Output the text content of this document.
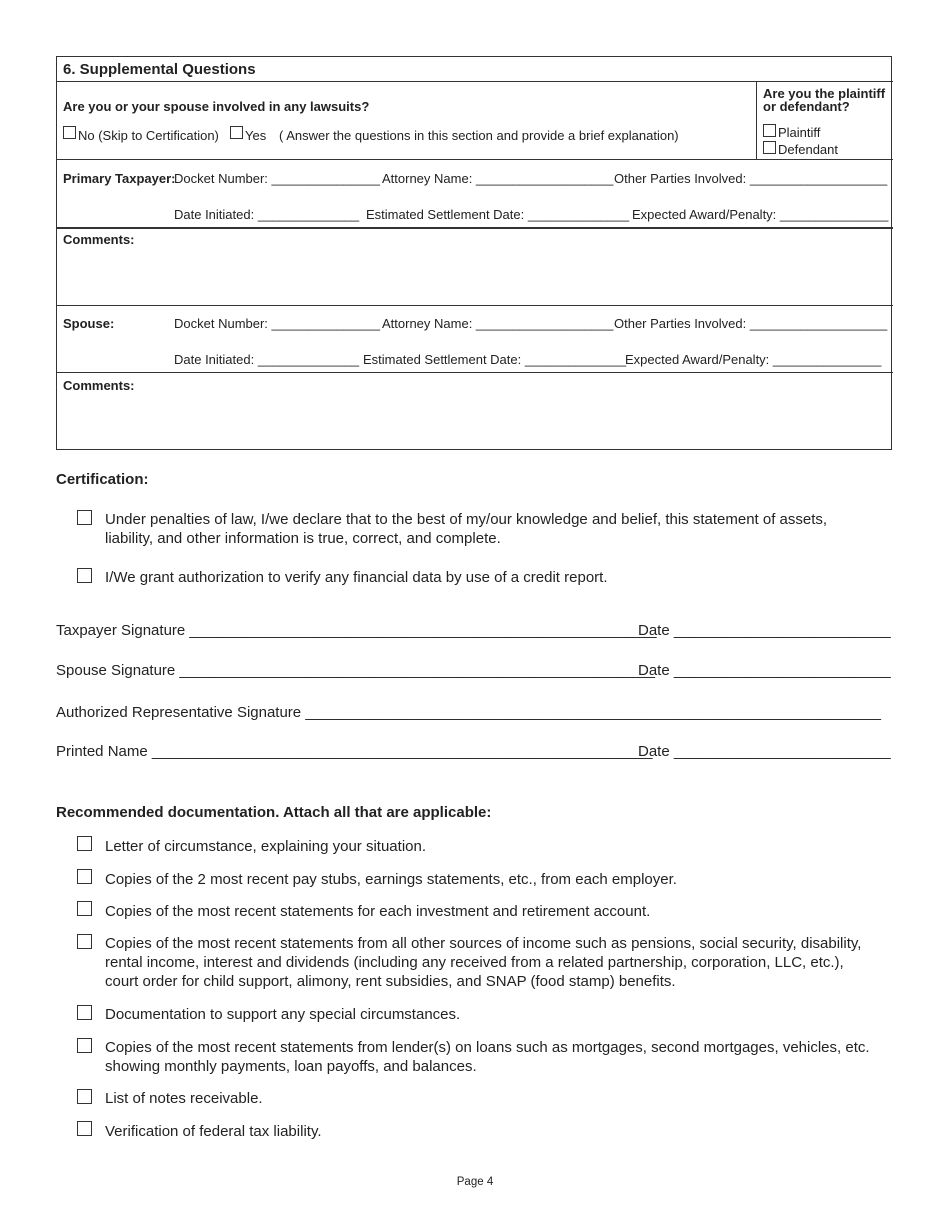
6. Supplemental Questions
Are you or your spouse involved in any lawsuits?
No (Skip to Certification) Yes ( Answer the questions in this section and provide a brief explanation)
Are you the plaintiff
or defendant?
Plaintiff
Defendant
Primary Taxpayer:
Docket Number: _______________ Attorney Name: ___________________ Other Parties Involved: ___________________
Date Initiated: ______________ Estimated Settlement Date: ______________ Expected Award/Penalty: _______________
Comments:
Spouse:	Docket Number: _______________ Attorney Name: ___________________ Other Parties Involved: ___________________
Date Initiated: ______________ Estimated Settlement Date: ______________
Expected Award/Penalty: _______________
Comments:
Certification:
Under penalties of law, I/we declare that to the best of my/our knowledge and belief, this statement of assets,
liability, and other information is true, correct, and complete.
I/We grant authorization to verify any financial data by use of a credit report.
Taxpayer Signature ________________________________________________________
Date __________________________
Spouse Signature _________________________________________________________
Date __________________________
Authorized Representative Signature _____________________________________________________________________
Printed Name ____________________________________________________________
Date __________________________
Recommended documentation. Attach all that are applicable:
Letter of circumstance, explaining your situation.
Copies of the 2 most recent pay stubs, earnings statements, etc., from each employer.
Copies of the most recent statements for each investment and retirement account.
Copies of the most recent statements from all other sources of income such as pensions, social security, disability,
rental income, interest and dividends (including any received from a related partnership, corporation, LLC, etc.),
court order for child support, alimony, rent subsidies, and SNAP (food stamp) benefits.
Documentation to support any special circumstances.
Copies of the most recent statements from lender(s) on loans such as mortgages, second mortgages, vehicles, etc.
showing monthly payments, loan payoffs, and balances.
List of notes receivable.
Verification of federal tax liability.
Page 4
